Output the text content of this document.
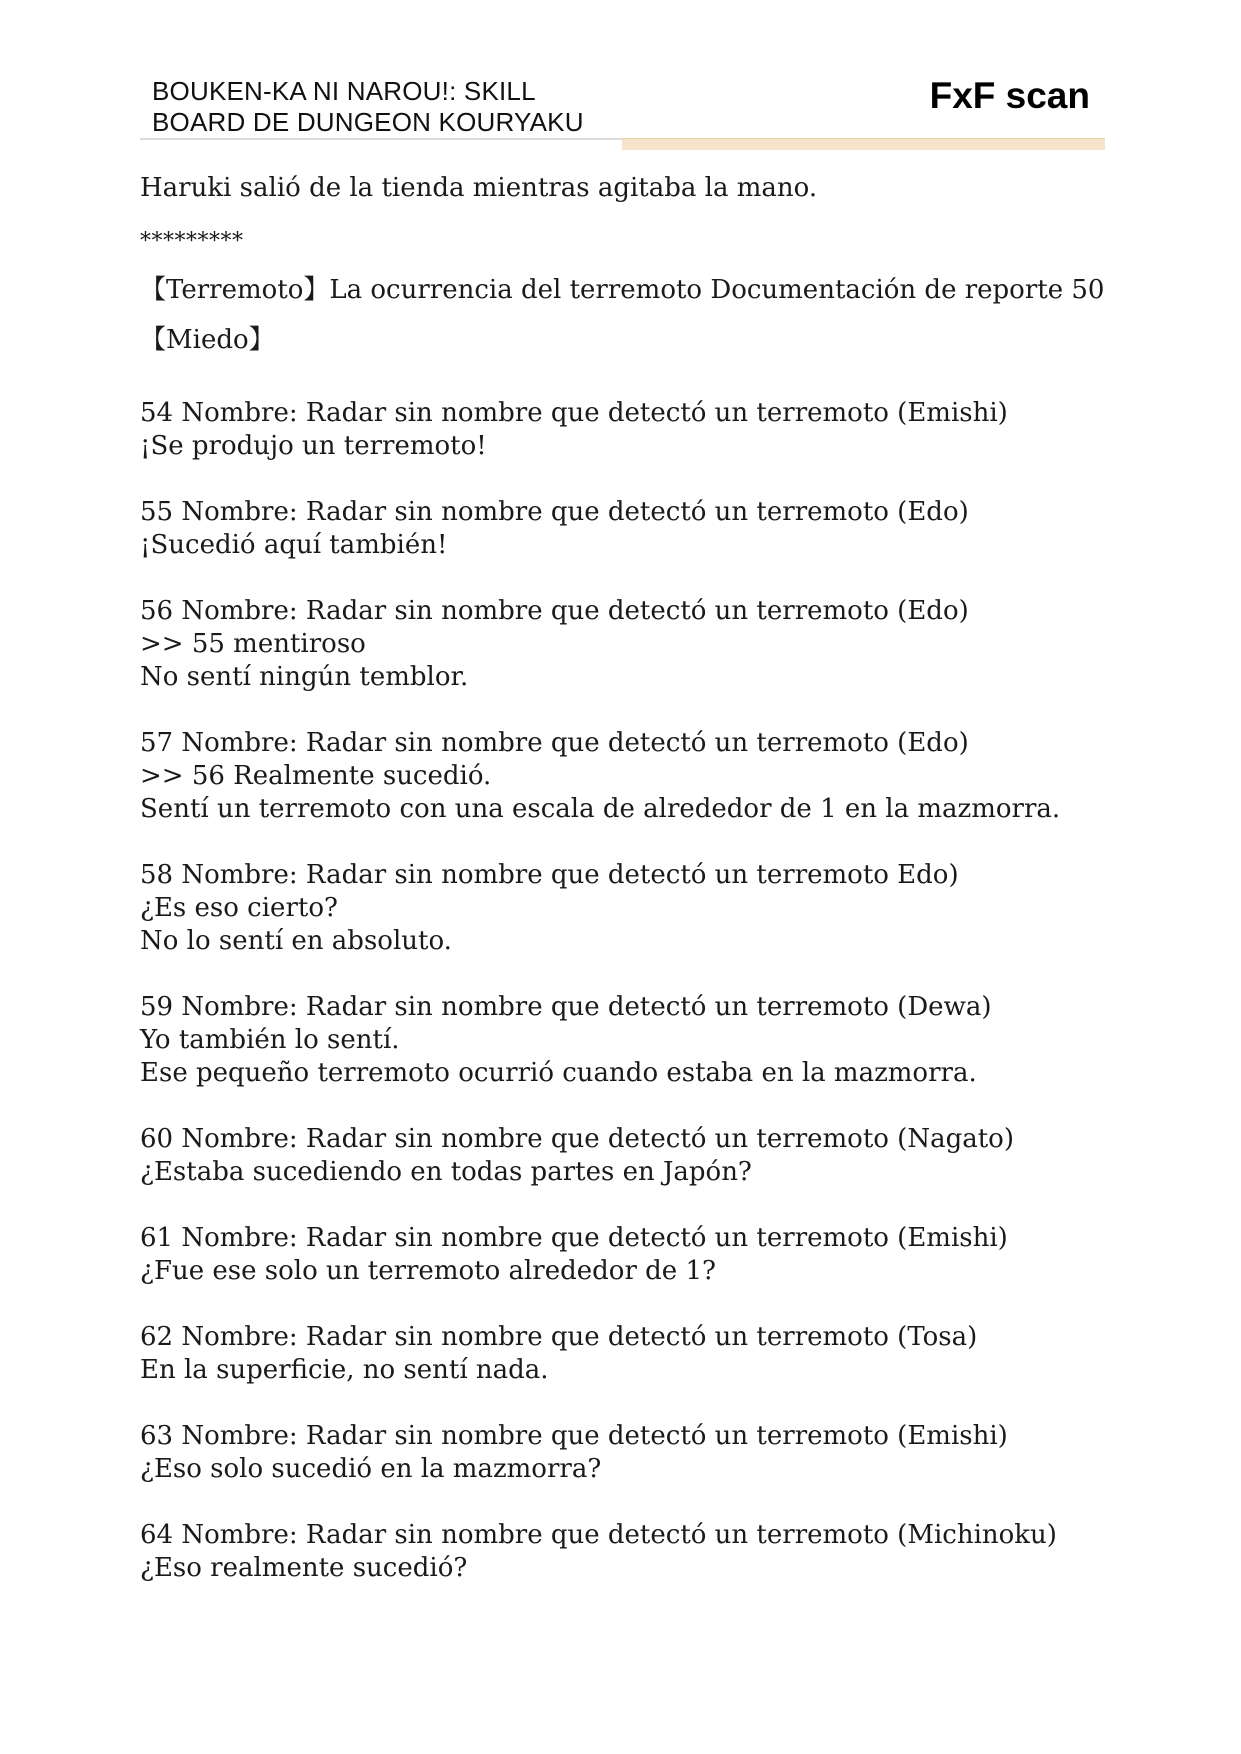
BOUKEN-KA NI NAROU!: SKILL
BOARD DE DUNGEON KOURYAKU
FxF scan

Haruki salió de la tienda mientras agitaba la mano.

*********

【Terremoto】La ocurrencia del terremoto Documentación de reporte 50

【Miedo】

54 Nombre: Radar sin nombre que detectó un terremoto (Emishi)
¡Se produjo un terremoto!
55 Nombre: Radar sin nombre que detectó un terremoto (Edo)
¡Sucedió aquí también!
56 Nombre: Radar sin nombre que detectó un terremoto (Edo)
>> 55 mentiroso
No sentí ningún temblor.
57 Nombre: Radar sin nombre que detectó un terremoto (Edo)
>> 56 Realmente sucedió.
Sentí un terremoto con una escala de alrededor de 1 en la mazmorra.
58 Nombre: Radar sin nombre que detectó un terremoto Edo)
¿Es eso cierto?
No lo sentí en absoluto.
59 Nombre: Radar sin nombre que detectó un terremoto (Dewa)
Yo también lo sentí.
Ese pequeño terremoto ocurrió cuando estaba en la mazmorra.
60 Nombre: Radar sin nombre que detectó un terremoto (Nagato)
¿Estaba sucediendo en todas partes en Japón?
61 Nombre: Radar sin nombre que detectó un terremoto (Emishi)
¿Fue ese solo un terremoto alrededor de 1?
62 Nombre: Radar sin nombre que detectó un terremoto (Tosa)
En la superficie, no sentí nada.
63 Nombre: Radar sin nombre que detectó un terremoto (Emishi)
¿Eso solo sucedió en la mazmorra?
64 Nombre: Radar sin nombre que detectó un terremoto (Michinoku)
¿Eso realmente sucedió?
